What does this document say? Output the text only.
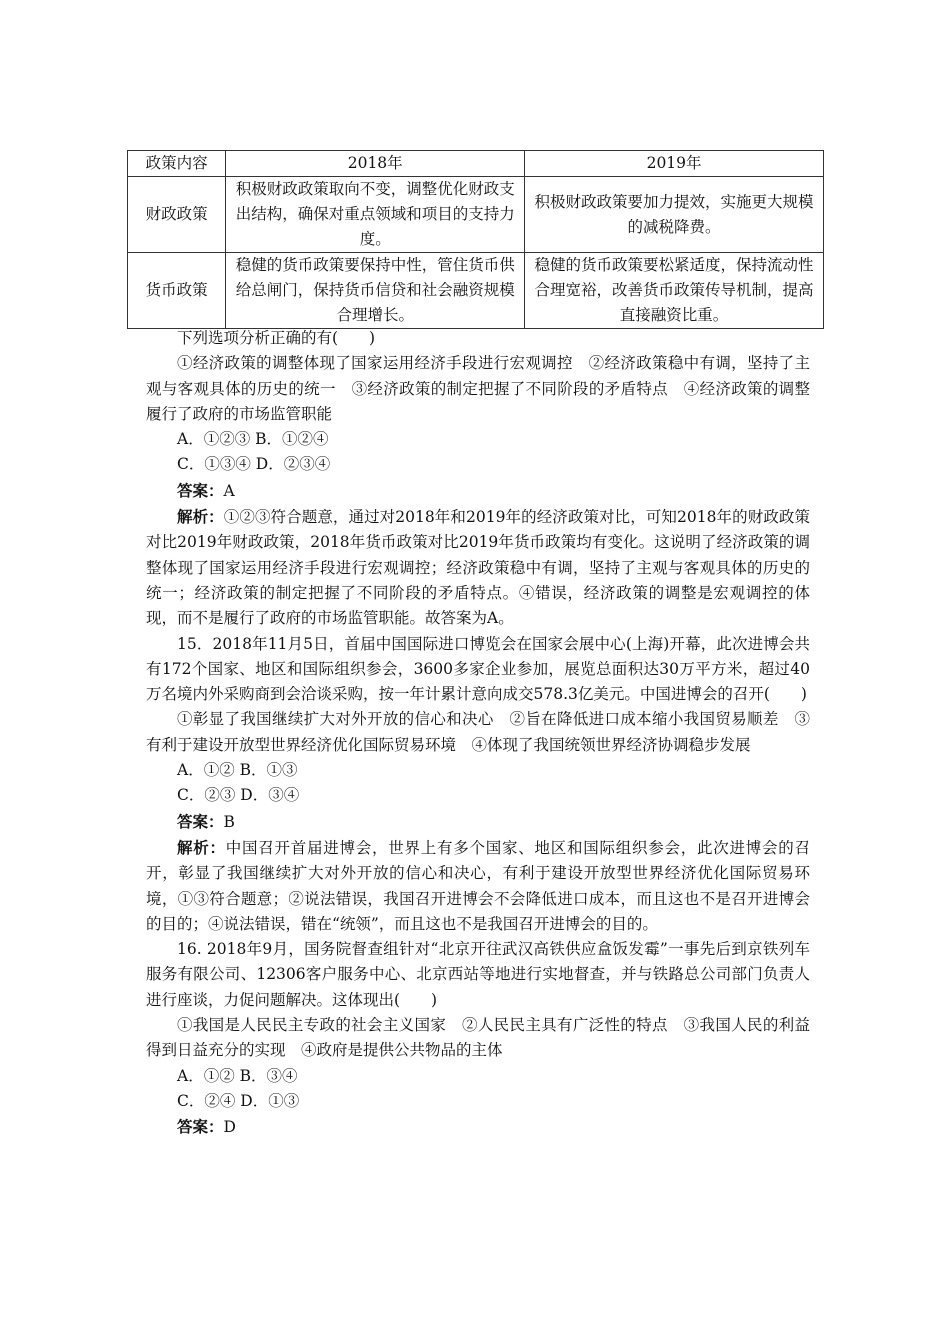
政策内容	2018年	2019年
财政政策	积极财政政策取向不变，调整优化财政支出结构，确保对重点领域和项目的支持力度。	积极财政政策要加力提效，实施更大规模的减税降费。
货币政策	稳健的货币政策要保持中性，管住货币供给总闸门，保持货币信贷和社会融资规模合理增长。	稳健的货币政策要松紧适度，保持流动性合理宽裕，改善货币政策传导机制，提高直接融资比重。

下列选项分析正确的有(　　)

①经济政策的调整体现了国家运用经济手段进行宏观调控　②经济政策稳中有调，坚持了主观与客观具体的历史的统一　③经济政策的制定把握了不同阶段的矛盾特点　④经济政策的调整履行了政府的市场监管职能

A．①②③ B．①②④

C．①③④ D．②③④

答案：A

解析：①②③符合题意，通过对2018年和2019年的经济政策对比，可知2018年的财政政策对比2019年财政政策，2018年货币政策对比2019年货币政策均有变化。这说明了经济政策的调整体现了国家运用经济手段进行宏观调控；经济政策稳中有调，坚持了主观与客观具体的历史的统一；经济政策的制定把握了不同阶段的矛盾特点。④错误，经济政策的调整是宏观调控的体现，而不是履行了政府的市场监管职能。故答案为A。

15．2018年11月5日，首届中国国际进口博览会在国家会展中心(上海)开幕，此次进博会共有172个国家、地区和国际组织参会，3600多家企业参加，展览总面积达30万平方米，超过40万名境内外采购商到会洽谈采购，按一年计累计意向成交578.3亿美元。中国进博会的召开(　　)

①彰显了我国继续扩大对外开放的信心和决心　②旨在降低进口成本缩小我国贸易顺差　③有利于建设开放型世界经济优化国际贸易环境　④体现了我国统领世界经济协调稳步发展

A．①② B．①③

C．②③ D．③④

答案：B

解析：中国召开首届进博会，世界上有多个国家、地区和国际组织参会，此次进博会的召开，彰显了我国继续扩大对外开放的信心和决心，有利于建设开放型世界经济优化国际贸易环境，①③符合题意；②说法错误，我国召开进博会不会降低进口成本，而且这也不是召开进博会的目的；④说法错误，错在“统领”，而且这也不是我国召开进博会的目的。

16. 2018年9月，国务院督查组针对“北京开往武汉高铁供应盒饭发霉”一事先后到京铁列车服务有限公司、12306客户服务中心、北京西站等地进行实地督查，并与铁路总公司部门负责人进行座谈，力促问题解决。这体现出(　　)

①我国是人民民主专政的社会主义国家　②人民民主具有广泛性的特点　③我国人民的利益得到日益充分的实现　④政府是提供公共物品的主体

A．①② B．③④

C．②④ D．①③

答案：D
